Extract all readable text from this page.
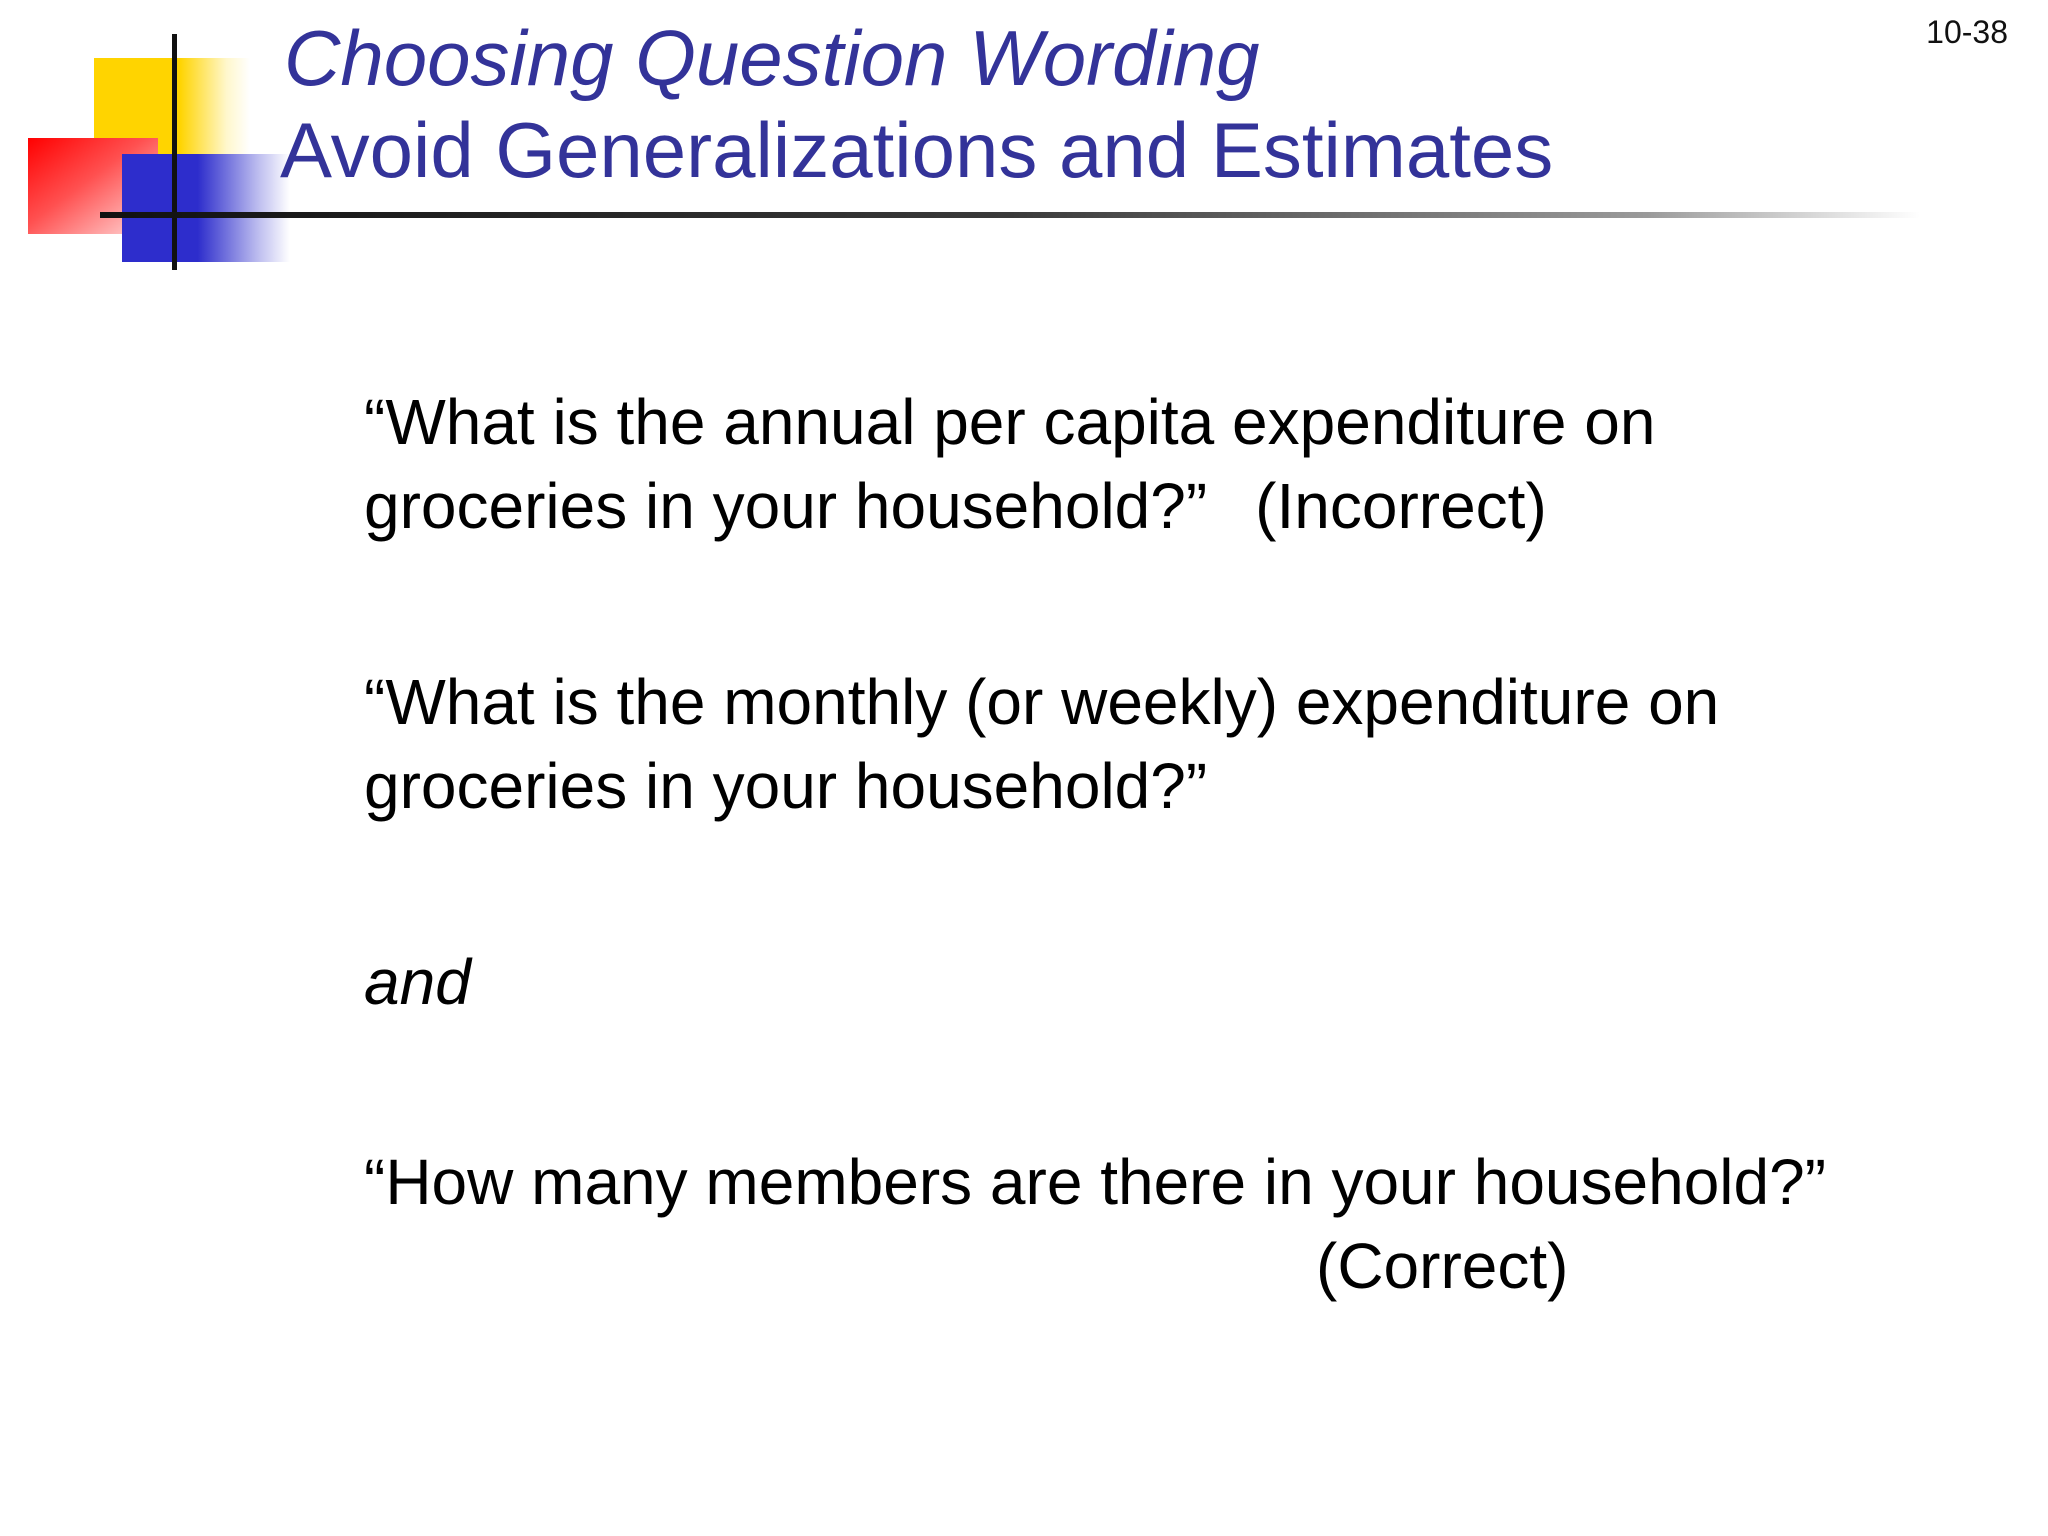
Choosing Question Wording
Avoid Generalizations and Estimates
10-38
“What is the annual per capita expenditure on
groceries in your household?” (Incorrect)
“What is the monthly (or weekly) expenditure on
groceries in your household?”
and
“How many members are there in your household?”
(Correct)
